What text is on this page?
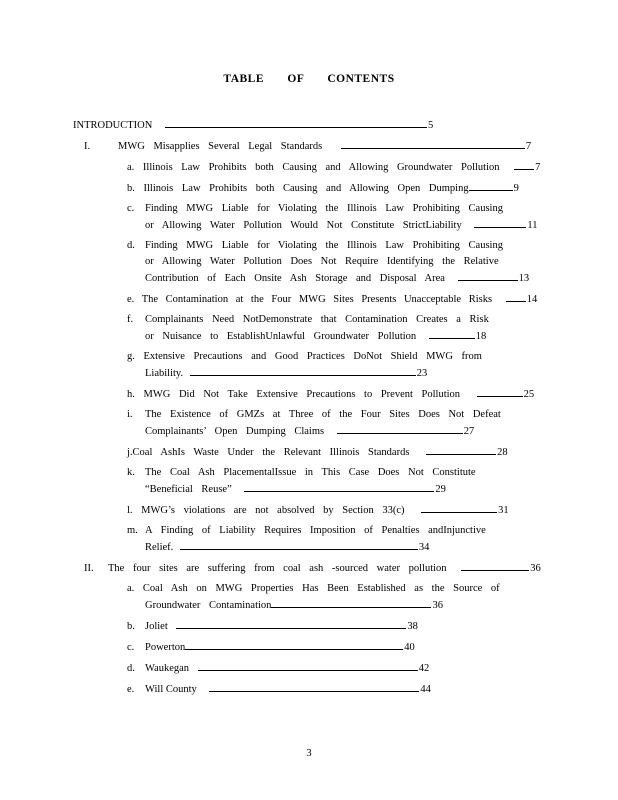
TABLE OF CONTENTS
INTRODUCTION	5
I.	MWG Misapplies Several Legal Standards	7
a. Illinois Law Prohibits both Causing and Allowing Groundwater Pollution	7
b. Illinois Law Prohibits both Causing and Allowing Open Dumping	9
c. Finding MWG Liable for Violating the Illinois Law Prohibiting Causing
or Allowing Water Pollution Would Not Constitute StrictLiability	11
d. Finding MWG Liable for Violating the Illinois Law Prohibiting Causing
or Allowing Water Pollution Does Not Require Identifying the Relative
Contribution of Each Onsite Ash Storage and Disposal Area	13
e. The Contamination at the Four MWG Sites Presents Unacceptable Risks	14
f. Complainants Need NotDemonstrate that Contamination Creates a Risk
or Nuisance to EstablishUnlawful Groundwater Pollution	18
g. Extensive Precautions and Good Practices DoNot Shield MWG from
Liability.	23
h. MWG Did Not Take Extensive Precautions to Prevent Pollution	25
i. The Existence of GMZs at Three of the Four Sites Does Not Defeat
Complainants’ Open Dumping Claims	27
j.Coal AshIs Waste Under the Relevant Illinois Standards	28
k. The Coal Ash PlacementalIssue in This Case Does Not Constitute
“Beneficial Reuse”	29
l. MWG’s violations are not absolved by Section 33(c)	31
m. A Finding of Liability Requires Imposition of Penalties andInjunctive
Relief.	34
II. The four sites are suffering from coal ash -sourced water pollution	36
a. Coal Ash on MWG Properties Has Been Established as the Source of
Groundwater Contamination	36
b. Joliet	38
c. Powerton	40
d. Waukegan	42
e. Will County	44
3
